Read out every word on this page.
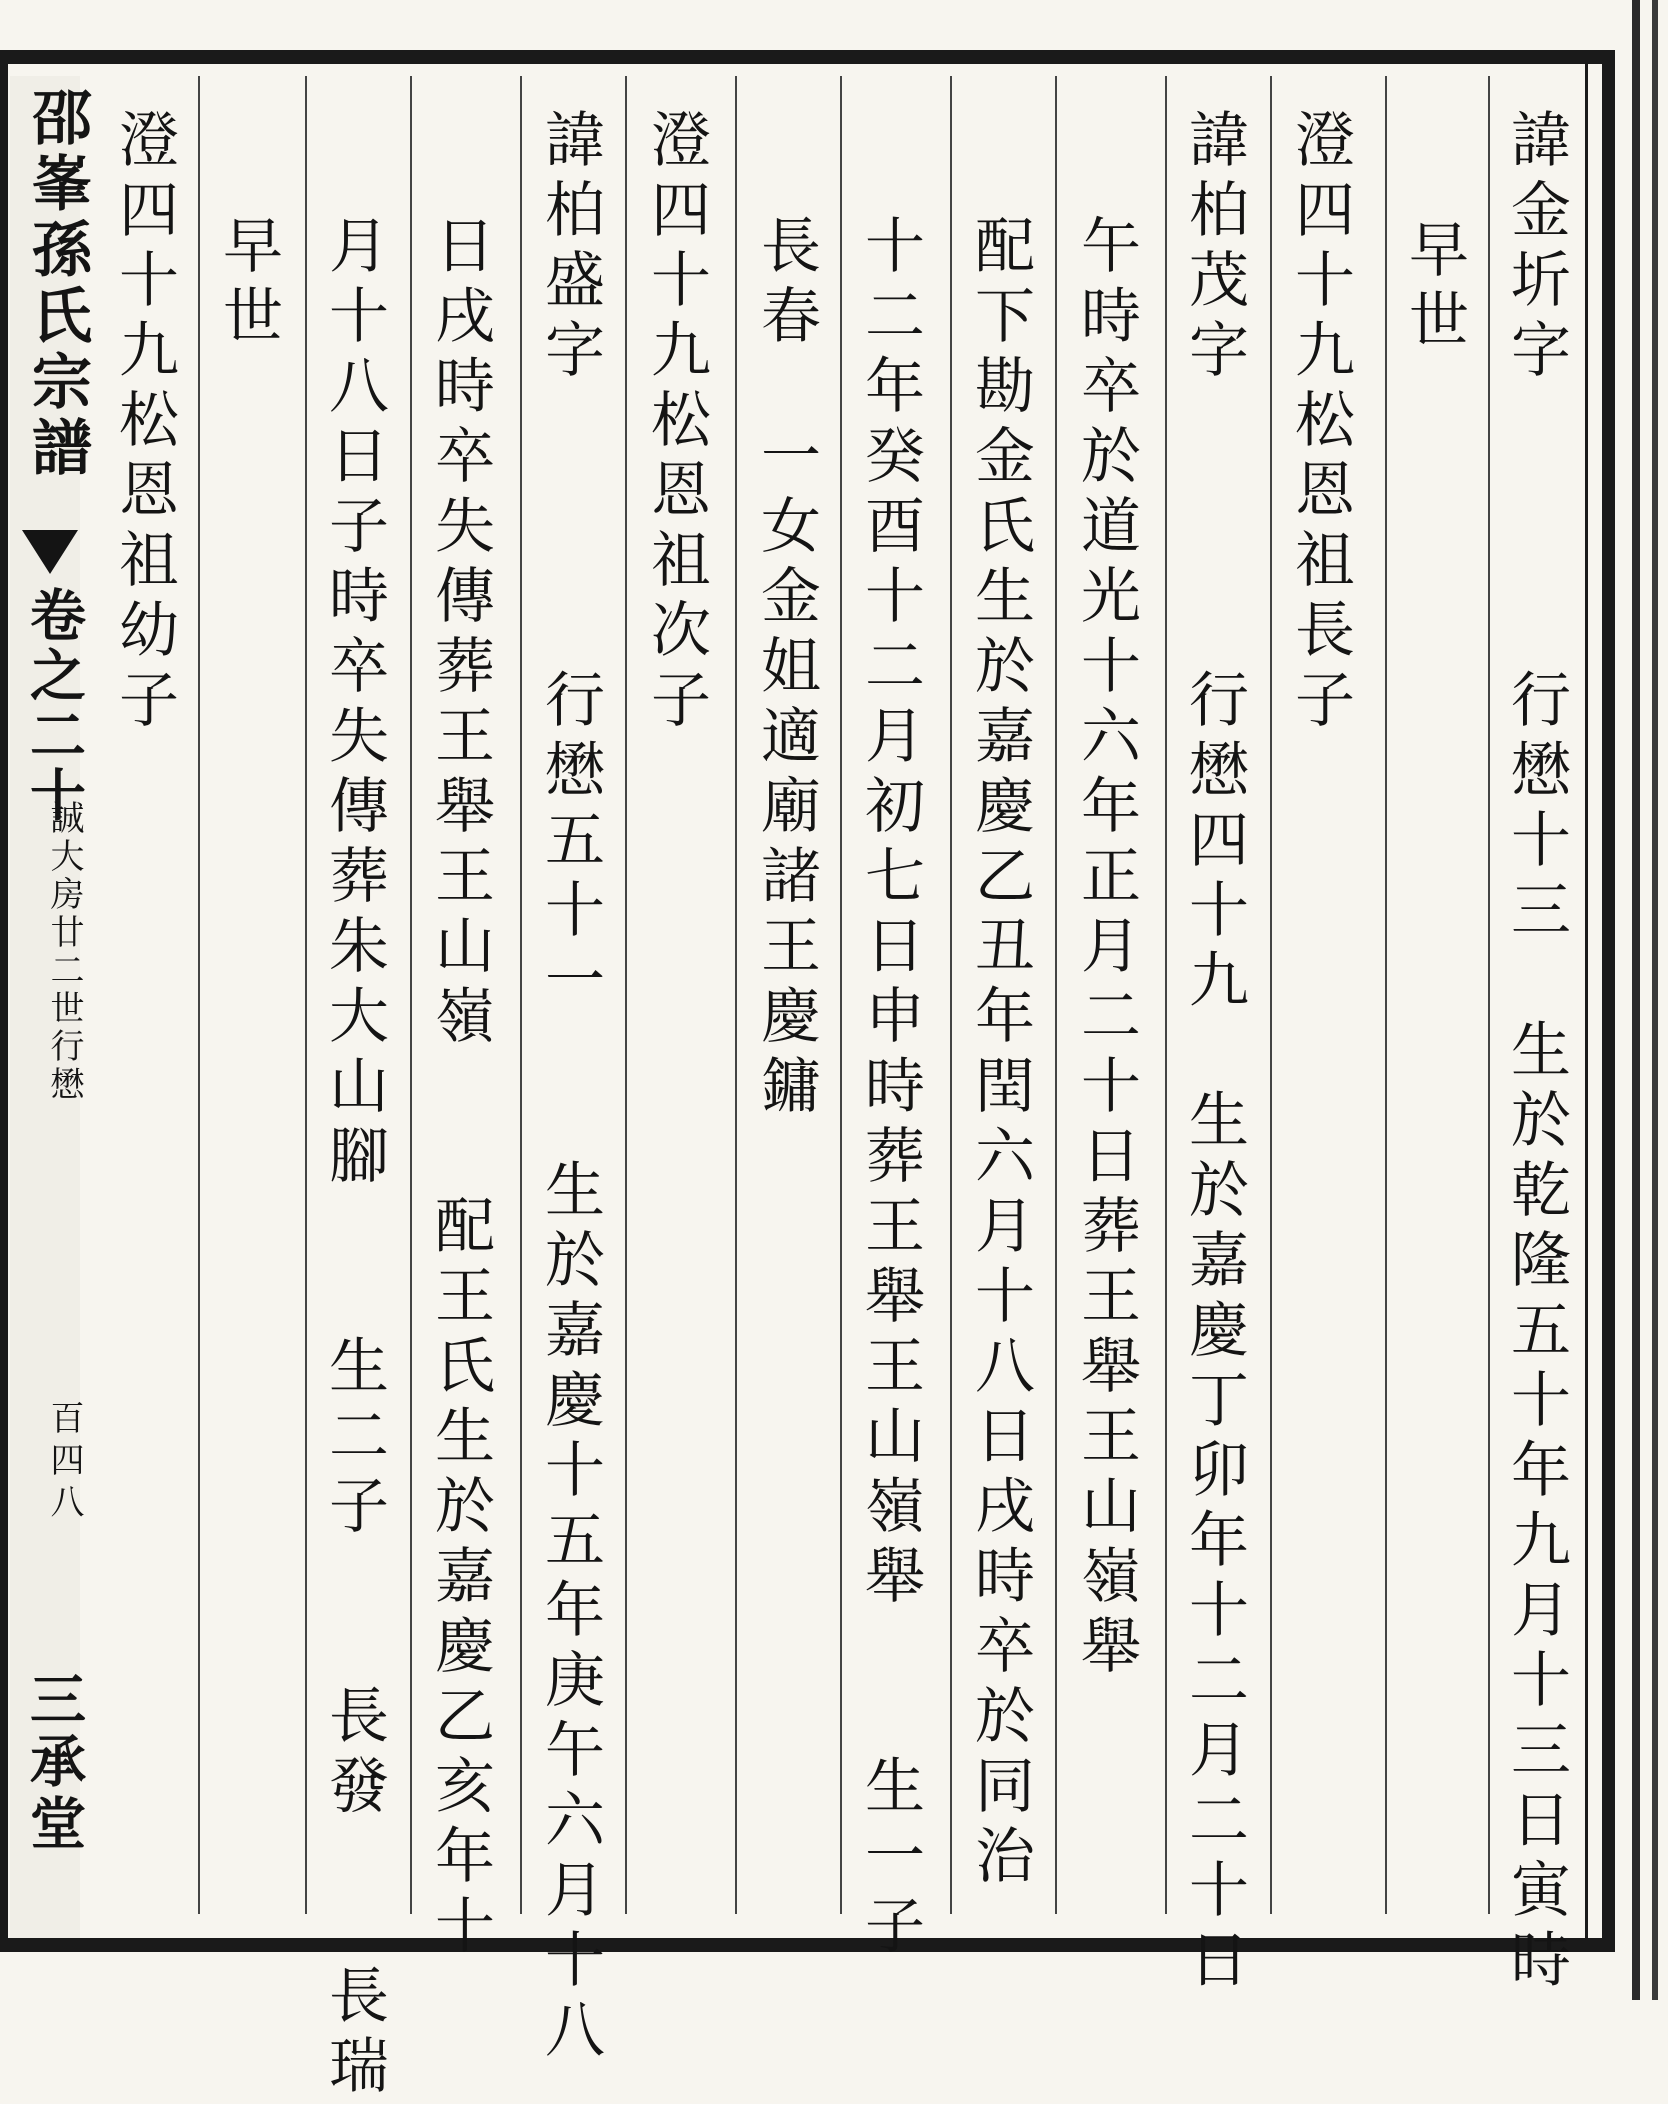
諱金圻字　　　　行懋十三　生於乾隆五十年九月十三日寅時
早世
澄四十九松恩祖長子
諱柏茂字　　　　行懋四十九　生於嘉慶丁卯年十二月二十日
午時卒於道光十六年正月二十日葬王舉王山嶺舉
配下勘金氏生於嘉慶乙丑年閏六月十八日戌時卒於同治
十二年癸酉十二月初七日申時葬王舉王山嶺舉　　生一子
長春　一女金姐適廟諸王慶鏞
澄四十九松恩祖次子
諱柏盛字　　　　行懋五十一　　生於嘉慶十五年庚午六月十八
日戌時卒失傳葬王舉王山嶺　　配王氏生於嘉慶乙亥年十
月十八日子時卒失傳葬朱大山腳　　生二子　　長發　　長瑞
早世
澄四十九松恩祖幼子
邵峯孫氏宗譜
卷之二十
誠大房廿二世行懋
百四八
三承堂
